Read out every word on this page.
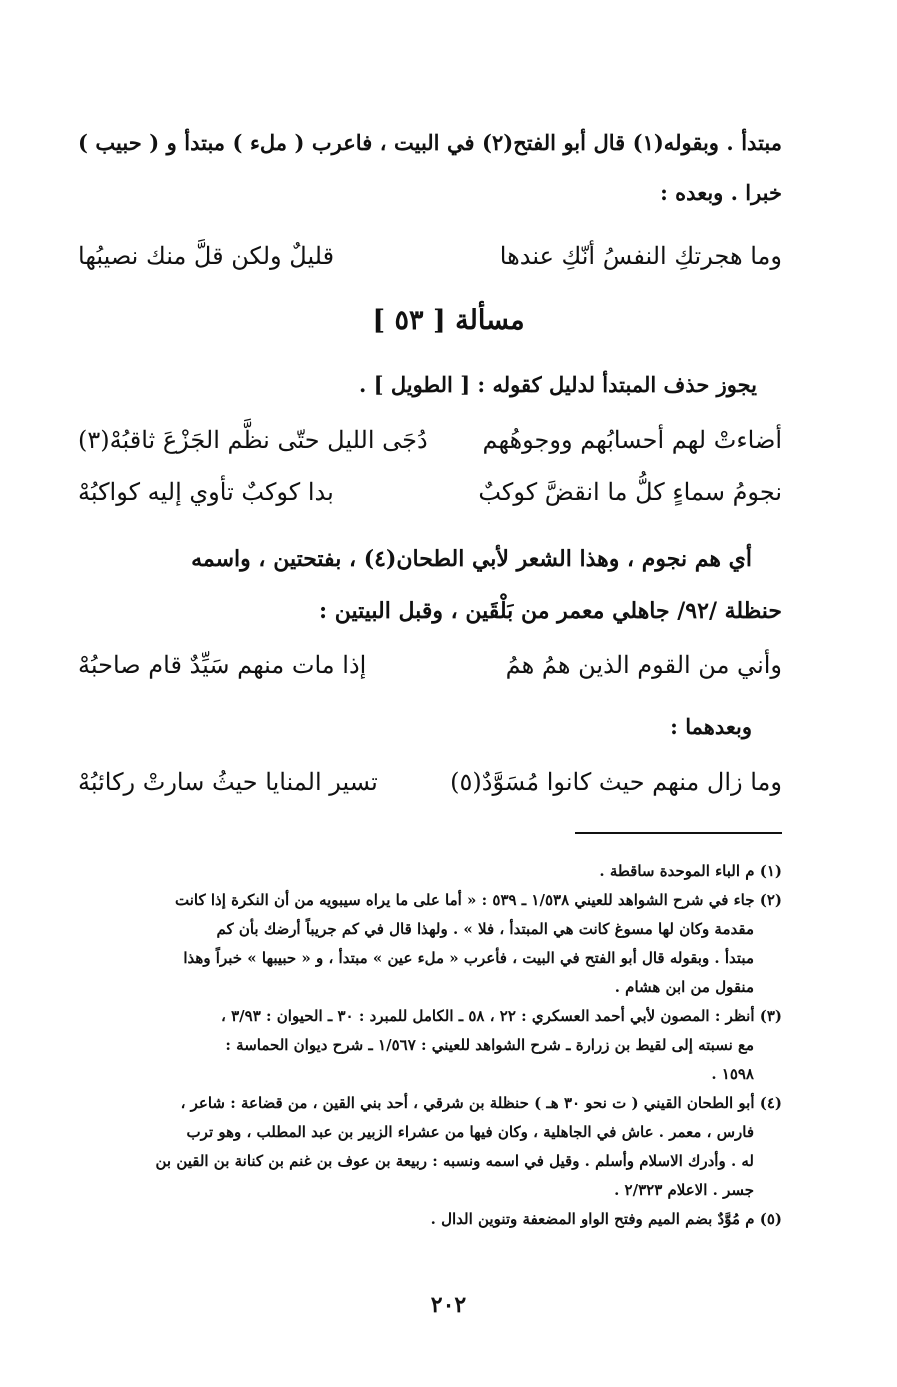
مبتدأ . وبقوله(١) قال أبو الفتح(٢) في البيت ، فاعرب ( ملء ) مبتدأ و ( حبيب )
خبرا . وبعده :
وما هجرتكِ النفسُ أنّكِ عندها
قليلٌ ولكن قلَّ منك نصيبُها
مسألة [ ٥٣ ]
يجوز حذف المبتدأ لدليل كقوله : [ الطويل ] .
أضاءتْ لهم أحسابُهم ووجوهُهم
دُجَى الليل حتّى نظَّم الجَزْعَ ثاقبُهْ(٣)
نجومُ سماءٍ كلُّ ما انقضَّ كوكبٌ
بدا كوكبٌ تأوي إليه كواكبُهْ
أي هم نجوم ، وهذا الشعر لأبي الطحان(٤) ، بفتحتين ، واسمه
حنظلة /٩٢/ جاهلي معمر من بَلْقَين ، وقبل البيتين :
وأني من القوم الذين همُ همُ
إذا مات منهم سَيِّدٌ قام صاحبُهْ
وبعدهما :
وما زال منهم حيث كانوا مُسَوَّدٌ(٥)
تسير المنايا حيثُ سارتْ ركائبُهْ
(١) م الباء الموحدة ساقطة .
(٢) جاء في شرح الشواهد للعيني ١/٥٣٨ ـ ٥٣٩ : « أما على ما يراه سيبويه من أن النكرة إذا كانت
مقدمة وكان لها مسوغ كانت هي المبتدأ ، فلا » . ولهذا قال في كم جريباً أرضك بأن كم
مبتدأ . وبقوله قال أبو الفتح في البيت ، فأعرب « ملء عين » مبتدأ ، و « حبيبها » خبراً وهذا
منقول من ابن هشام .
(٣) أنظر : المصون لأبي أحمد العسكري : ٢٢ ، ٥٨ ـ الكامل للمبرد : ٣٠ ـ الحيوان : ٣/٩٣ ،
مع نسبته إلى لقيط بن زرارة ـ شرح الشواهد للعيني : ١/٥٦٧ ـ شرح ديوان الحماسة :
١٥٩٨ .
(٤) أبو الطحان القيني ( ت نحو ٣٠ هـ ) حنظلة بن شرقي ، أحد بني القين ، من قضاعة : شاعر ،
فارس ، معمر . عاش في الجاهلية ، وكان فيها من عشراء الزبير بن عبد المطلب ، وهو ترب
له . وأدرك الاسلام وأسلم . وقيل في اسمه ونسبه : ربيعة بن عوف بن غنم بن كنانة بن القين بن
جسر . الاعلام ٢/٣٢٣ .
(٥) م مُوَّدٌ بضم الميم وفتح الواو المضعفة وتنوين الدال .
٢٠٢
